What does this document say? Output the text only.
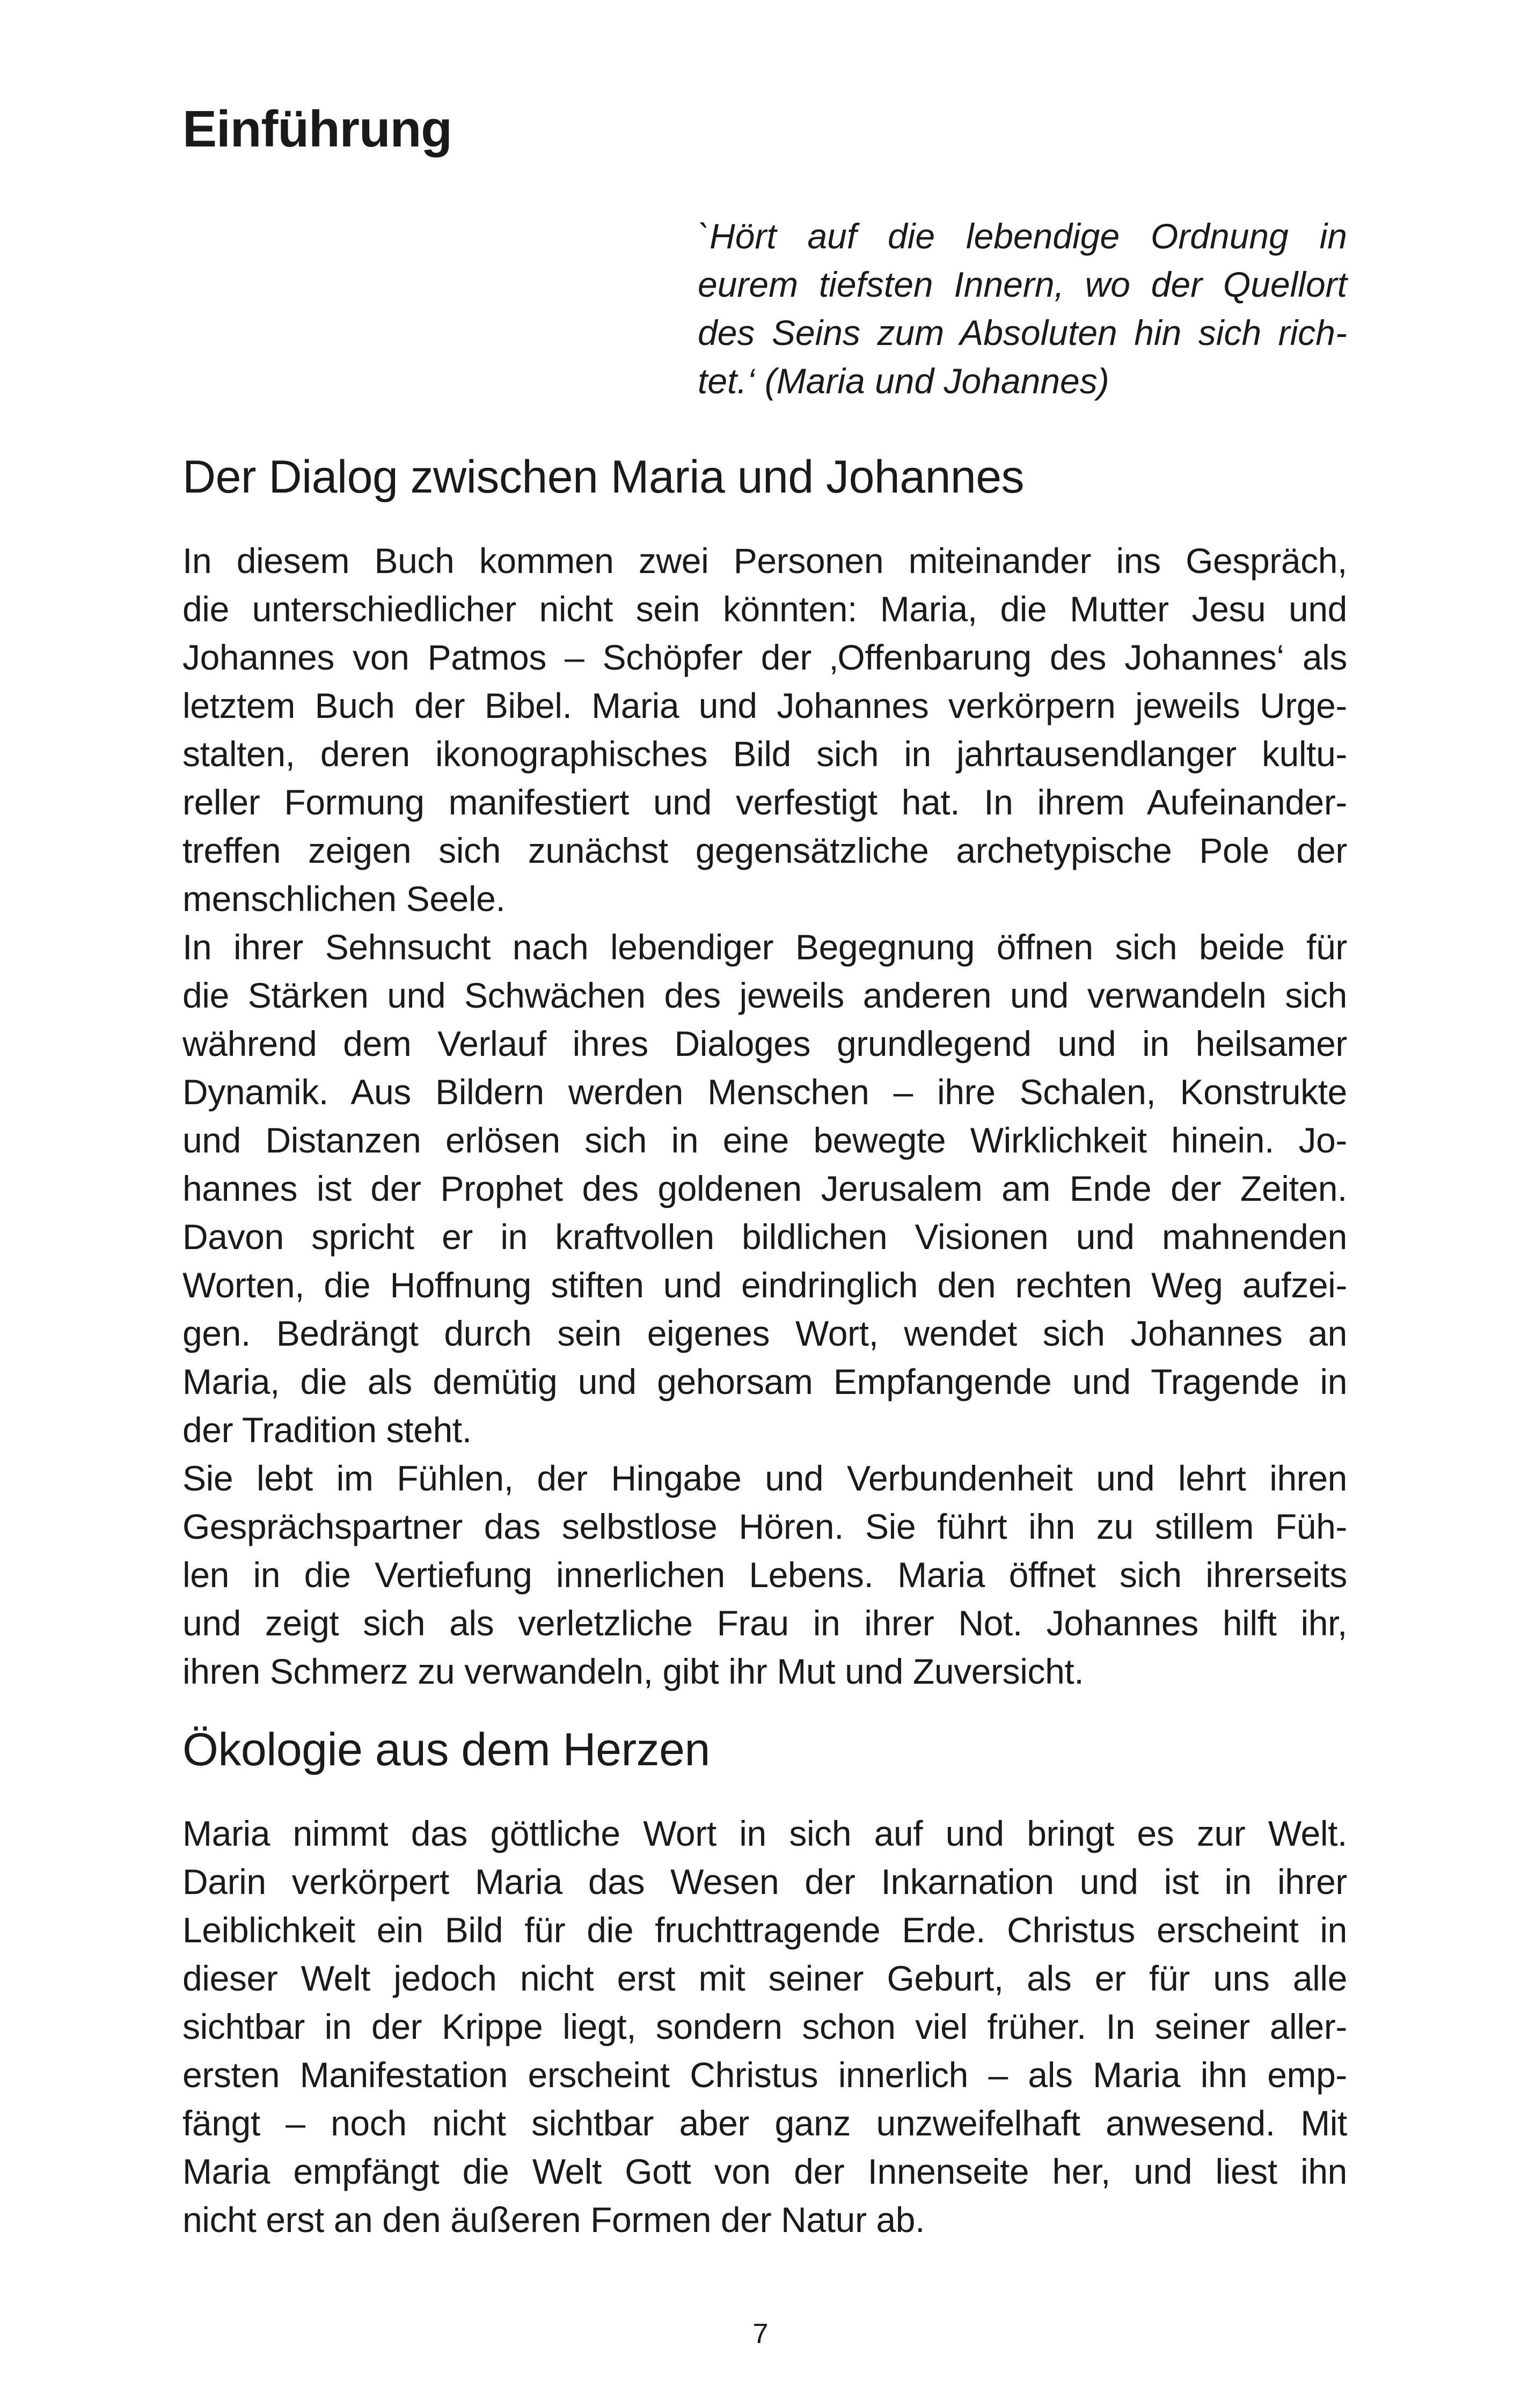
Einführung
`Hört auf die lebendige Ordnung in
eurem tiefsten Innern, wo der Quellort
des Seins zum Absoluten hin sich rich-
tet.‘ (Maria und Johannes)
Der Dialog zwischen Maria und Johannes
In diesem Buch kommen zwei Personen miteinander ins Gespräch,
die unterschiedlicher nicht sein könnten: Maria, die Mutter Jesu und
Johannes von Patmos – Schöpfer der ‚Offenbarung des Johannes‘ als
letztem Buch der Bibel. Maria und Johannes verkörpern jeweils Urge-
stalten, deren ikonographisches Bild sich in jahrtausendlanger kultu-
reller Formung manifestiert und verfestigt hat. In ihrem Aufeinander-
treffen zeigen sich zunächst gegensätzliche archetypische Pole der
menschlichen Seele.
In ihrer Sehnsucht nach lebendiger Begegnung öffnen sich beide für
die Stärken und Schwächen des jeweils anderen und verwandeln sich
während dem Verlauf ihres Dialoges grundlegend und in heilsamer
Dynamik. Aus Bildern werden Menschen – ihre Schalen, Konstrukte
und Distanzen erlösen sich in eine bewegte Wirklichkeit hinein. Jo-
hannes ist der Prophet des goldenen Jerusalem am Ende der Zeiten.
Davon spricht er in kraftvollen bildlichen Visionen und mahnenden
Worten, die Hoffnung stiften und eindringlich den rechten Weg aufzei-
gen. Bedrängt durch sein eigenes Wort, wendet sich Johannes an
Maria, die als demütig und gehorsam Empfangende und Tragende in
der Tradition steht.
Sie lebt im Fühlen, der Hingabe und Verbundenheit und lehrt ihren
Gesprächspartner das selbstlose Hören. Sie führt ihn zu stillem Füh-
len in die Vertiefung innerlichen Lebens. Maria öffnet sich ihrerseits
und zeigt sich als verletzliche Frau in ihrer Not. Johannes hilft ihr,
ihren Schmerz zu verwandeln, gibt ihr Mut und Zuversicht.
Ökologie aus dem Herzen
Maria nimmt das göttliche Wort in sich auf und bringt es zur Welt.
Darin verkörpert Maria das Wesen der Inkarnation und ist in ihrer
Leiblichkeit ein Bild für die fruchttragende Erde. Christus erscheint in
dieser Welt jedoch nicht erst mit seiner Geburt, als er für uns alle
sichtbar in der Krippe liegt, sondern schon viel früher. In seiner aller-
ersten Manifestation erscheint Christus innerlich – als Maria ihn emp-
fängt – noch nicht sichtbar aber ganz unzweifelhaft anwesend. Mit
Maria empfängt die Welt Gott von der Innenseite her, und liest ihn
nicht erst an den äußeren Formen der Natur ab.
7
